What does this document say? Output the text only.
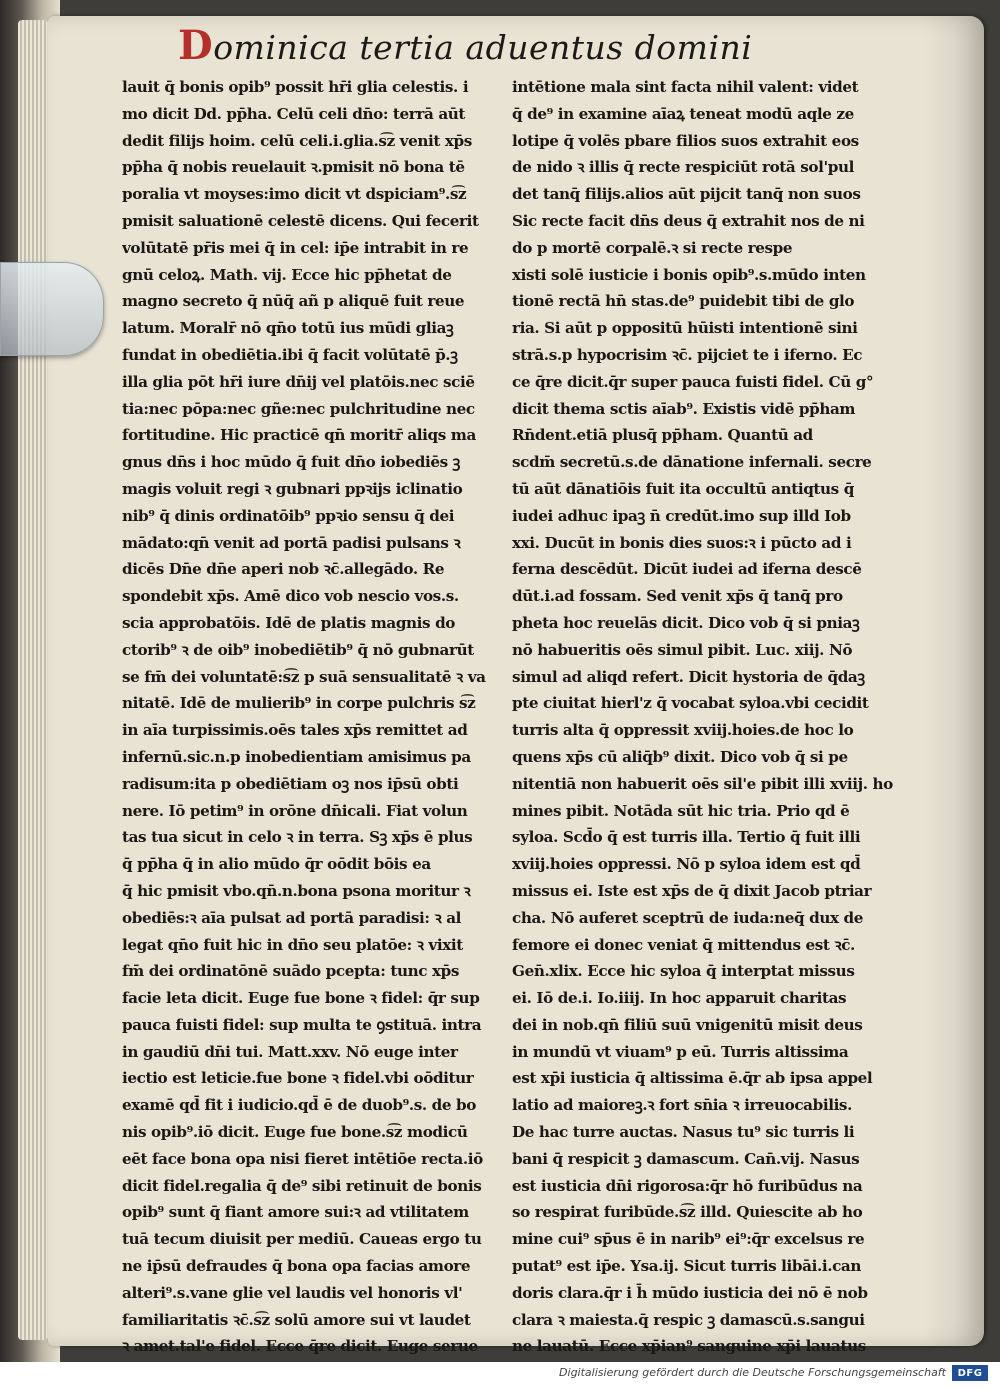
Dominica tertia aduentus domini
lauit q̄ bonis opib⁹ possit hr̄i glia celestis. i
mo dicit Dd. pp̄ha. Celū celi dn̄o: terrā aūt
dedit filijs hoim. celū celi.i.glia.s͡z venit xp̄s
pp̄ha q̄ nobis reuelauit ꝛ.pmisit nō bona tē
poralia vt moyses:imo dicit vt dspiciam⁹.s͡z
pmisit saluationē celestē dicens. Qui fecerit
volūtatē pr̄is mei q̄ in cel: ip̄e intrabit in re
gnū celoꝝ. Math. vij. Ecce hic pp̄hetat de
magno secreto q̄ nūq̄ añ p aliquē fuit reue
latum. Moralr̄ nō qn̄o totū ius mūdi gliaꝫ
fundat in obediētia.ibi q̄ facit volūtatē p̄.ꝫ
illa glia pōt hr̄i iure dn̄ij vel platōis.nec sciē
tia:nec pōpa:nec gñe:nec pulchritudine nec
fortitudine. Hic practicē qn̄ moritr̄ aliqs ma
gnus dn̄s i hoc mūdo q̄ fuit dn̄o iobediēs ꝫ
magis voluit regi ꝛ gubnari ppꝛijs iclinatio
nib⁹ q̄ dinis ordinatōib⁹ ppꝛio sensu q̄ dei
mādato:qn̄ venit ad portā padisi pulsans ꝛ
dicēs Dn̄e dn̄e aperi nob ꝛc̄.allegādo. Re
spondebit xp̄s. Amē dico vob nescio vos.s.
scia approbatōis. Idē de platis magnis do
ctorib⁹ ꝛ de oib⁹ inobediētib⁹ q̄ nō gubnarūt
se fm̄ dei voluntatē:s͡z p suā sensualitatē ꝛ va
nitatē. Idē de mulierib⁹ in corpe pulchris s͡z
in aīa turpissimis.oēs tales xp̄s remittet ad
infernū.sic.n.p inobedientiam amisimus pa
radisum:ita p obediētiam oꝫ nos ip̄sū obti
nere. Iō petim⁹ in orōne dn̄icali. Fiat volun
tas tua sicut in celo ꝛ in terra. Sꝫ xp̄s ē plus
q̄ pp̄ha q̄ in alio mūdo q̄r oōdit bōis ea
q̄ hic pmisit vbo.qn̄.n.bona psona moritur ꝛ
obediēs:ꝛ aīa pulsat ad portā paradisi: ꝛ al
legat qn̄o fuit hic in dn̄o seu platōe: ꝛ vixit
fm̄ dei ordinatōnē suādo pcepta: tunc xp̄s
facie leta dicit. Euge fue bone ꝛ fidel: q̄r sup
pauca fuisti fidel: sup multa te ꝯstituā. intra
in gaudiū dn̄i tui. Matt.xxv. Nō euge inter
iectio est leticie.fue bone ꝛ fidel.vbi oōditur
examē qd̄ fit i iudicio.qd̄ ē de duob⁹.s. de bo
nis opib⁹.iō dicit. Euge fue bone.s͡z modicū
eēt face bona opa nisi fieret intētiōe recta.iō
dicit fidel.regalia q̄ de⁹ sibi retinuit de bonis
opib⁹ sunt q̄ fiant amore sui:ꝛ ad vtilitatem
tuā tecum diuisit per mediū. Caueas ergo tu
ne ip̄sū defraudes q̄ bona opa facias amore
alteri⁹.s.vane glie vel laudis vel honoris vl'
familiaritatis ꝛc̄.s͡z solū amore sui vt laudet
ꝛ amet.tal'e fidel. Ecce q̄re dicit. Euge serue
intētione mala sint facta nihil valent: videt
q̄ de⁹ in examine aīaꝝ teneat modū aqle ze
lotipe q̄ volēs pbare filios suos extrahit eos
de nido ꝛ illis q̄ recte respiciūt rotā sol'pul
det tanq̄ filijs.alios aūt pijcit tanq̄ non suos
Sic recte facit dn̄s deus q̄ extrahit nos de ni
do p mortē corpalē.ꝛ si recte respe
xisti solē iusticie i bonis opib⁹.s.mūdo inten
tionē rectā hn̄ stas.de⁹ puidebit tibi de glo
ria. Si aūt p oppositū hūisti intentionē sini
strā.s.p hypocrisim ꝛc̄. pijciet te i iferno. Ec
ce q̄re dicit.q̄r super pauca fuisti fidel. Cū g°
dicit thema sctis aīab⁹. Existis vidē pp̄ham
Rn̄dent.etiā plusq̄ pp̄ham. Quantū ad
scdm̄ secretū.s.de dānatione infernali. secre
tū aūt dānatiōis fuit ita occultū antiqtus q̄
iudei adhuc ipaꝫ n̄ credūt.imo sup illd Iob
xxi. Ducūt in bonis dies suos:ꝛ i pūcto ad i
ferna descēdūt. Dicūt iudei ad iferna descē
dūt.i.ad fossam. Sed venit xp̄s q̄ tanq̄ pro
pheta hoc reuelās dicit. Dico vob q̄ si pniaꝫ
nō habueritis oēs simul pibit. Luc. xiij. Nō
simul ad aliqd refert. Dicit hystoria de q̄daꝫ
pte ciuitat hierl'z q̄ vocabat syloa.vbi cecidit
turris alta q̄ oppressit xviij.hoies.de hoc lo
quens xp̄s cū aliq̄b⁹ dixit. Dico vob q̄ si pe
nitentiā non habuerit oēs sil'e pibit illi xviij. ho
mines pibit. Notāda sūt hic tria. Prio qd ē
syloa. Scd̄o q̄ est turris illa. Tertio q̄ fuit illi
xviij.hoies oppressi. Nō p syloa idem est qd̄
missus ei. Iste est xp̄s de q̄ dixit Jacob ptriar
cha. Nō auferet sceptrū de iuda:neq̄ dux de
femore ei donec veniat q̄ mittendus est ꝛc̄.
Gen̄.xlix. Ecce hic syloa q̄ interptat missus
ei. Iō de.i. Io.iiij. In hoc apparuit charitas
dei in nob.qn̄ filiū suū vnigenitū misit deus
in mundū vt viuam⁹ p eū. Turris altissima
est xp̄i iusticia q̄ altissima ē.q̄r ab ipsa appel
latio ad maioreꝫ.ꝛ fort sn̄ia ꝛ irreuocabilis.
De hac turre auctas. Nasus tu⁹ sic turris li
bani q̄ respicit ꝫ damascum. Can̄.vij. Nasus
est iusticia dn̄i rigorosa:q̄r hō furibūdus na
so respirat furibūde.s͡z illd. Quiescite ab ho
mine cui⁹ sp̄us ē in narib⁹ ei⁹:q̄r excelsus re
putat⁹ est ip̄e. Ysa.ij. Sicut turris libāi.i.can
doris clara.q̄r i h̄ mūdo iusticia dei nō ē nob
clara ꝛ maiesta.q̄ respic ꝫ damascū.s.sangui
ne lauatū. Ecce xp̄ian⁹ sanguine xp̄i lauatus
Digitalisierung gefördert durch die Deutsche Forschungsgemeinschaft	DFG
